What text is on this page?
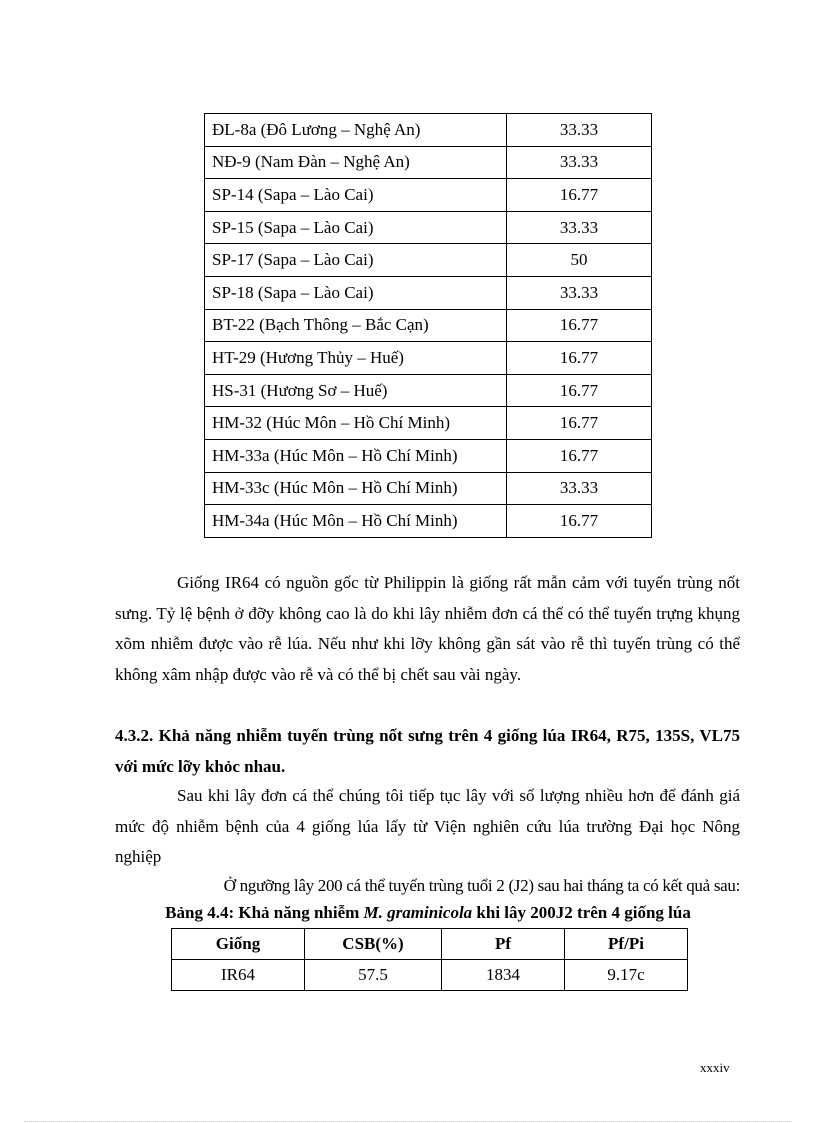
ĐL-8a (Đô Lương – Nghệ An)	33.33
NĐ-9 (Nam Đàn – Nghệ An)	33.33
SP-14 (Sapa – Lào Cai)	16.77
SP-15 (Sapa – Lào Cai)	33.33
SP-17 (Sapa – Lào Cai)	50
SP-18 (Sapa – Lào Cai)	33.33
BT-22 (Bạch Thông – Bắc Cạn)	16.77
HT-29 (Hương Thủy – Huế)	16.77
HS-31 (Hương Sơ – Huế)	16.77
HM-32 (Húc Môn – Hồ Chí Minh)	16.77
HM-33a (Húc Môn – Hồ Chí Minh)	16.77
HM-33c (Húc Môn – Hồ Chí Minh)	33.33
HM-34a (Húc Môn – Hồ Chí Minh)	16.77
Giống IR64 có nguồn gốc từ Philippin là giống rất mẫn cảm với tuyến trùng nốt sưng. Tỷ lệ bệnh ở đỡy không cao là do khi lây nhiễm đơn cá thể có thể tuyến trựng khụng xõm nhiễm được vào rễ lúa. Nếu như khi lỡy không gần sát vào rễ thì tuyến trùng có thể không xâm nhập được vào rễ và có thể bị chết sau vài ngày.
4.3.2. Khả năng nhiễm tuyến trùng nốt sưng trên 4 giống lúa IR64, R75, 135S, VL75 với mức lỡy khỏc nhau.
Sau khi lây đơn cá thể chúng tôi tiếp tục lây với số lượng nhiều hơn để đánh giá mức độ nhiễm bệnh của 4 giống lúa lấy từ Viện nghiên cứu lúa trường Đại học Nông nghiệp
Ở ngưỡng lây 200 cá thể tuyến trùng tuổi 2 (J2) sau hai tháng ta có kết quả sau:
Bảng 4.4: Khả năng nhiễm M. graminicola khi lây 200J2 trên 4 giống lúa
Giống	CSB(%)	Pf	Pf/Pi
IR64	57.5	1834	9.17c
xxxiv
